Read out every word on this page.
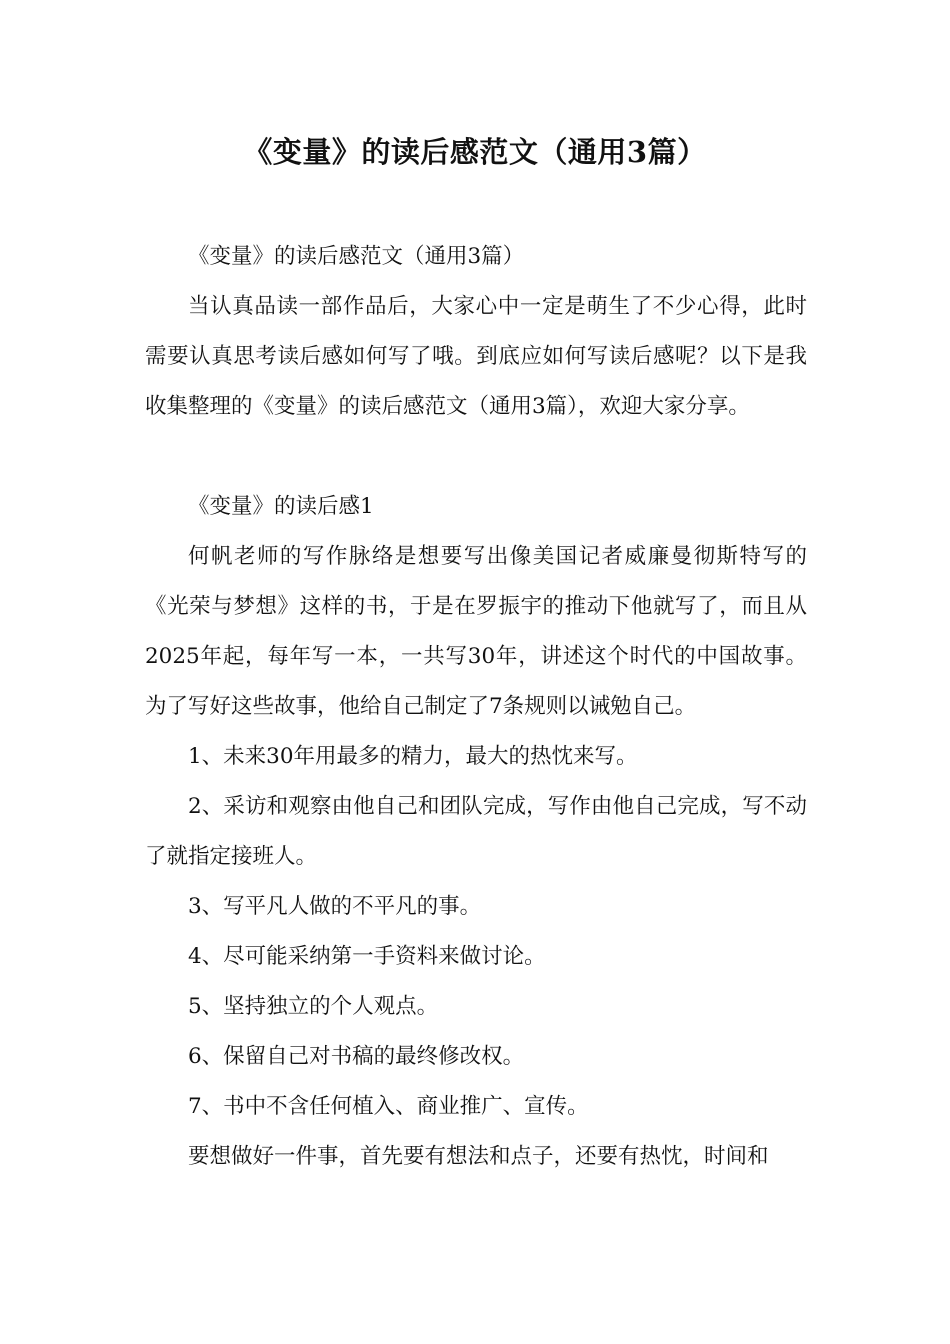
《变量》的读后感范文（通用3篇）

《变量》的读后感范文（通用3篇）

当认真品读一部作品后，大家心中一定是萌生了不少心得，此时需要认真思考读后感如何写了哦。到底应如何写读后感呢？以下是我收集整理的《变量》的读后感范文（通用3篇），欢迎大家分享。

《变量》的读后感1

何帆老师的写作脉络是想要写出像美国记者威廉曼彻斯特写的《光荣与梦想》这样的书，于是在罗振宇的推动下他就写了，而且从2025年起，每年写一本，一共写30年，讲述这个时代的中国故事。为了写好这些故事，他给自己制定了7条规则以诫勉自己。

1、未来30年用最多的精力，最大的热忱来写。

2、采访和观察由他自己和团队完成，写作由他自己完成，写不动了就指定接班人。

3、写平凡人做的不平凡的事。

4、尽可能采纳第一手资料来做讨论。

5、坚持独立的个人观点。

6、保留自己对书稿的最终修改权。

7、书中不含任何植入、商业推广、宣传。

要想做好一件事，首先要有想法和点子，还要有热忱，时间和
